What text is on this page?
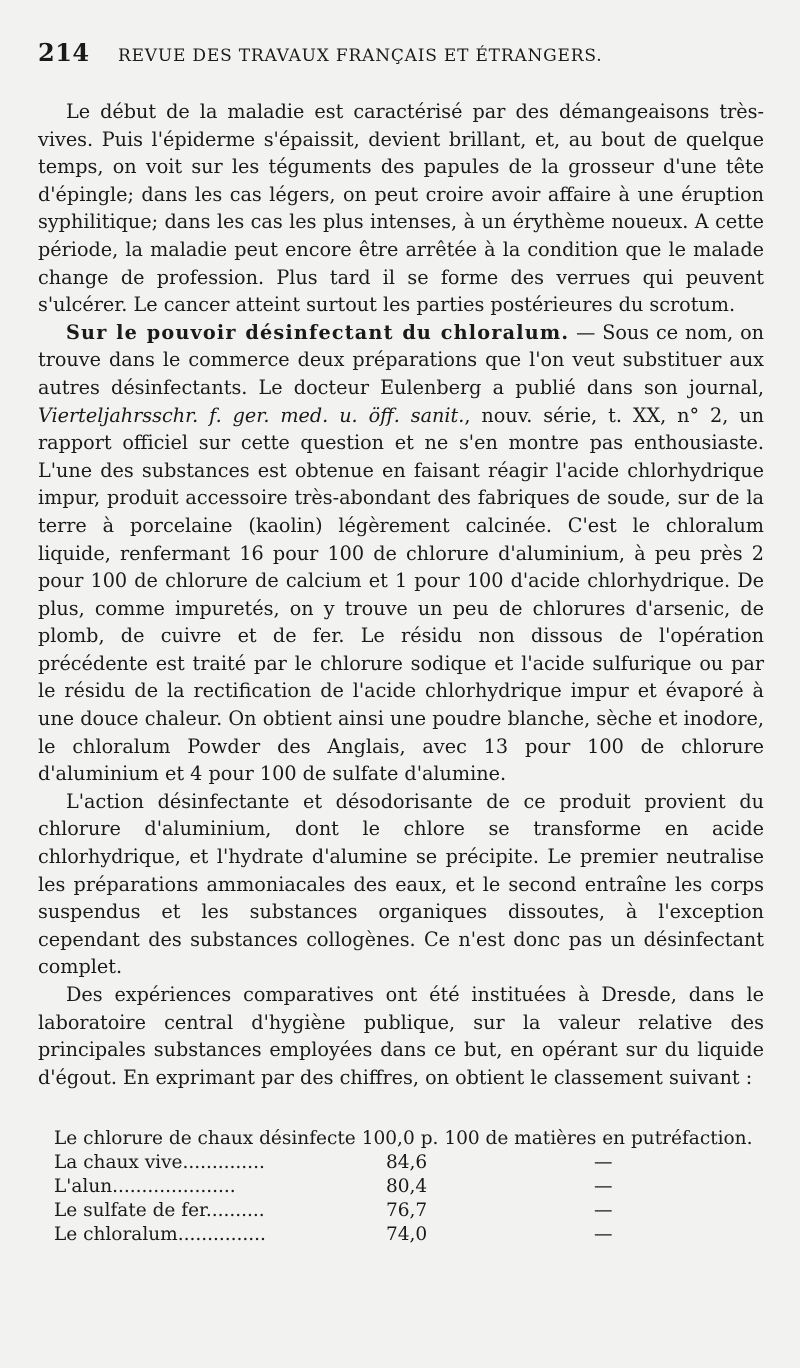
214	REVUE DES TRAVAUX FRANÇAIS ET ÉTRANGERS.

Le début de la maladie est caractérisé par des démangeaisons très-vives. Puis l'épiderme s'épaissit, devient brillant, et, au bout de quelque temps, on voit sur les téguments des papules de la grosseur d'une tête d'épingle; dans les cas légers, on peut croire avoir affaire à une éruption syphilitique; dans les cas les plus intenses, à un érythème noueux. A cette période, la maladie peut encore être arrêtée à la condition que le malade change de profession. Plus tard il se forme des verrues qui peuvent s'ulcérer. Le cancer atteint surtout les parties postérieures du scrotum.

Sur le pouvoir désinfectant du chloralum. — Sous ce nom, on trouve dans le commerce deux préparations que l'on veut substituer aux autres désinfectants. Le docteur Eulenberg a publié dans son journal, Vierteljahrsschr. f. ger. med. u. öff. sanit., nouv. série, t. XX, n° 2, un rapport officiel sur cette question et ne s'en montre pas enthousiaste. L'une des substances est obtenue en faisant réagir l'acide chlorhydrique impur, produit accessoire très-abondant des fabriques de soude, sur de la terre à porcelaine (kaolin) légèrement calcinée. C'est le chloralum liquide, renfermant 16 pour 100 de chlorure d'aluminium, à peu près 2 pour 100 de chlorure de calcium et 1 pour 100 d'acide chlorhydrique. De plus, comme impuretés, on y trouve un peu de chlorures d'arsenic, de plomb, de cuivre et de fer. Le résidu non dissous de l'opération précédente est traité par le chlorure sodique et l'acide sulfurique ou par le résidu de la rectification de l'acide chlorhydrique impur et évaporé à une douce chaleur. On obtient ainsi une poudre blanche, sèche et inodore, le chloralum Powder des Anglais, avec 13 pour 100 de chlorure d'aluminium et 4 pour 100 de sulfate d'alumine.

L'action désinfectante et désodorisante de ce produit provient du chlorure d'aluminium, dont le chlore se transforme en acide chlorhydrique, et l'hydrate d'alumine se précipite. Le premier neutralise les préparations ammoniacales des eaux, et le second entraîne les corps suspendus et les substances organiques dissoutes, à l'exception cependant des substances collogènes. Ce n'est donc pas un désinfectant complet.

Des expériences comparatives ont été instituées à Dresde, dans le laboratoire central d'hygiène publique, sur la valeur relative des principales substances employées dans ce but, en opérant sur du liquide d'égout. En exprimant par des chiffres, on obtient le classement suivant :

Le chlorure de chaux désinfecte 100,0 p. 100 de matières en putréfaction.
La chaux vive..............	84,6	—
L'alun.....................	80,4	—
Le sulfate de fer..........	76,7	—
Le chloralum...............	74,0	—
